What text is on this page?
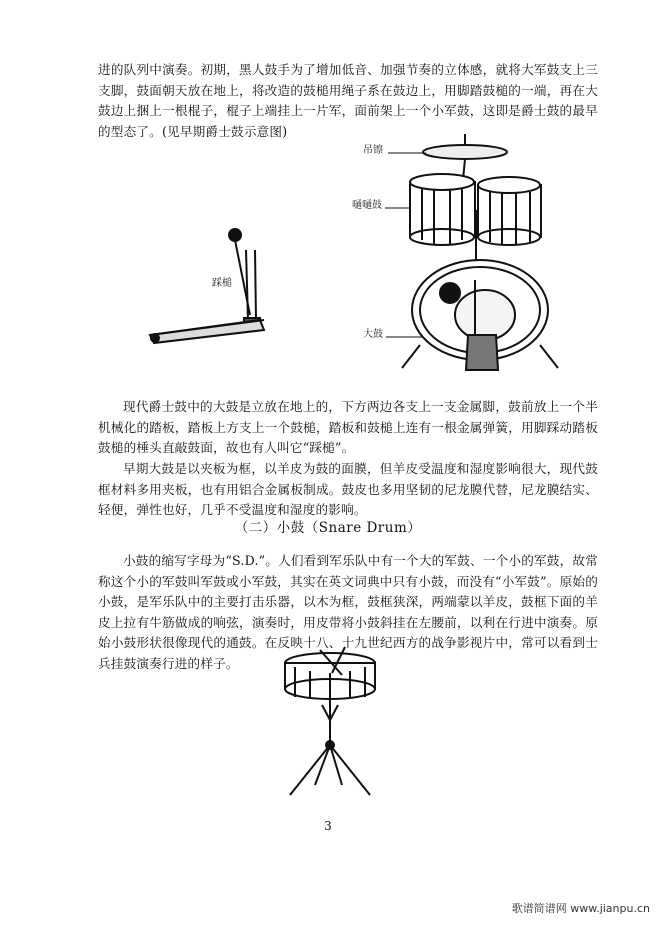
进的队列中演奏。初期，黑人鼓手为了增加低音、加强节奏的立体感，就将大军鼓支上三支脚，鼓面朝天放在地上，将改造的鼓槌用绳子系在鼓边上，用脚踏鼓槌的一端，再在大鼓边上捆上一根棍子，棍子上端挂上一片军，面前架上一个小军鼓，这即是爵士鼓的最早的型态了。(见早期爵士鼓示意图)

吊镲
嗵嗵鼓
踩槌
大鼓

现代爵士鼓中的大鼓是立放在地上的，下方两边各支上一支金属脚，鼓前放上一个半机械化的踏板，踏板上方支上一个鼓槌，踏板和鼓槌上连有一根金属弹簧，用脚踩动踏板鼓槌的棰头直敲鼓面，故也有人叫它“踩槌”。

早期大鼓是以夹板为框，以羊皮为鼓的面膜，但羊皮受温度和湿度影响很大，现代鼓框材料多用夹板，也有用铝合金属板制成。鼓皮也多用坚韧的尼龙膜代替，尼龙膜结实、轻便，弹性也好，几乎不受温度和湿度的影响。

（二）小鼓（Snare Drum）

小鼓的缩写字母为“S.D.”。人们看到军乐队中有一个大的军鼓、一个小的军鼓，故常称这个小的军鼓叫军鼓或小军鼓，其实在英文词典中只有小鼓，而没有“小军鼓”。原始的小鼓，是军乐队中的主要打击乐器，以木为框，鼓框狭深，两端蒙以羊皮，鼓框下面的羊皮上拉有牛筋做成的响弦，演奏时，用皮带将小鼓斜挂在左腰前，以利在行进中演奏。原始小鼓形状很像现代的通鼓。在反映十八、十九世纪西方的战争影视片中，常可以看到士兵挂鼓演奏行进的样子。

3
歌谱简谱网 www.jianpu.cn
